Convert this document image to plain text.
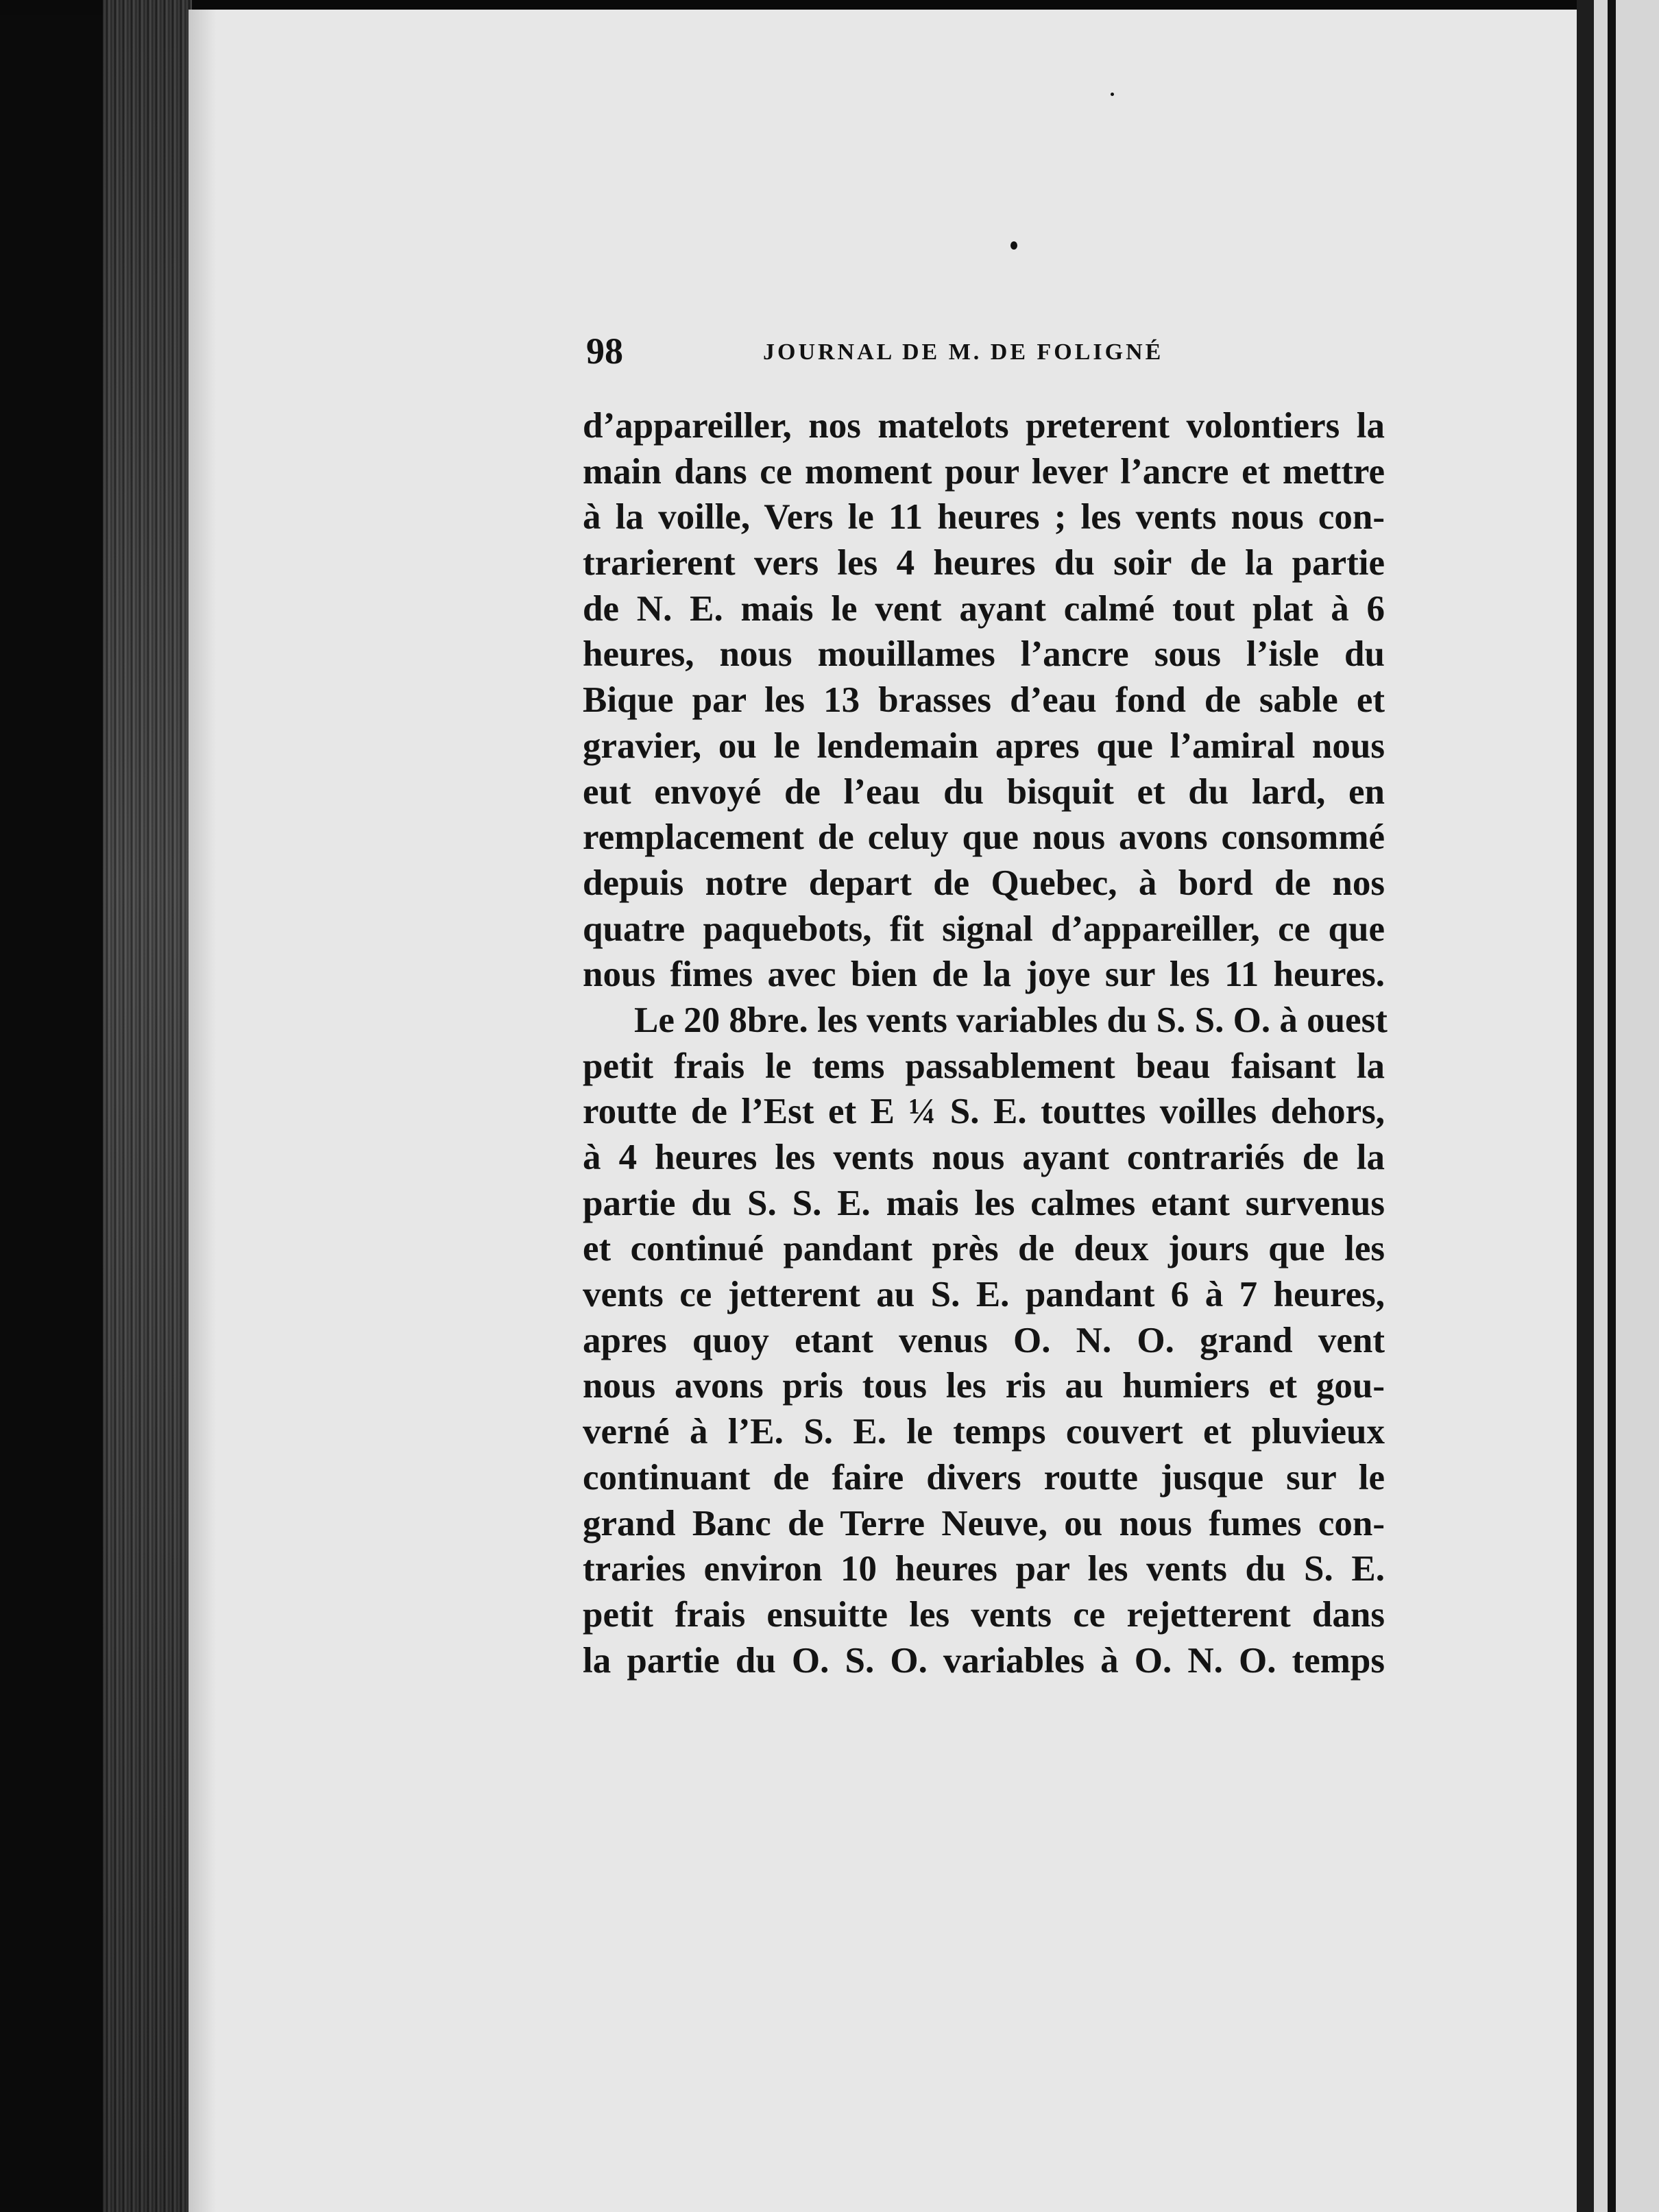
98	JOURNAL DE M. DE FOLIGNÉ
d’appareiller, nos matelots preterent volontiers la
main dans ce moment pour lever l’ancre et mettre
à la voille, Vers le 11 heures ; les vents nous con-
trarierent vers les 4 heures du soir de la partie
de N. E. mais le vent ayant calmé tout plat à 6
heures, nous mouillames l’ancre sous l’isle du
Bique par les 13 brasses d’eau fond de sable et
gravier, ou le lendemain apres que l’amiral nous
eut envoyé de l’eau du bisquit et du lard, en
remplacement de celuy que nous avons consommé
depuis notre depart de Quebec, à bord de nos
quatre paquebots, fit signal d’appareiller, ce que
nous fimes avec bien de la joye sur les 11 heures.
Le 20 8bre. les vents variables du S. S. O. à ouest
petit frais le tems passablement beau faisant la
routte de l’Est et E ¼ S. E. touttes voilles dehors,
à 4 heures les vents nous ayant contrariés de la
partie du S. S. E. mais les calmes etant survenus
et continué pandant près de deux jours que les
vents ce jetterent au S. E. pandant 6 à 7 heures,
apres quoy etant venus O. N. O. grand vent
nous avons pris tous les ris au humiers et gou-
verné à l’E. S. E. le temps couvert et pluvieux
continuant de faire divers routte jusque sur le
grand Banc de Terre Neuve, ou nous fumes con-
traries environ 10 heures par les vents du S. E.
petit frais ensuitte les vents ce rejetterent dans
la partie du O. S. O. variables à O. N. O. temps
